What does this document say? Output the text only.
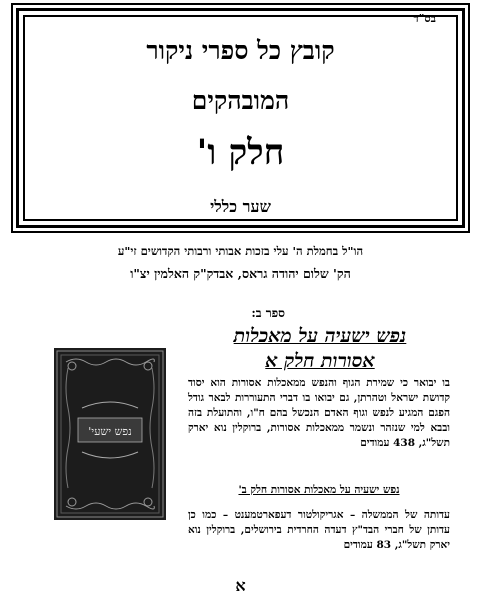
בס"ד
קובץ כל ספרי ניקור
המובהקים
חלק ו'
שער כללי
הו"ל בחמלת ה' עלי בזכות אבותי ורבותי הקדושים זי"ע
הק' שלום יהודה גראס, אבדק"ק האלמין יצ"ו
ספר ב:
נפש ישעיה על מאכלות
אסורות חלק א
נפש ישעי'
בו יבואר כי שמירת הגוף והנפש ממאכלות אסורות הוא יסוד קדושת ישראל וטהרתן, גם יבואו בו דברי התעוררות לבאר גודל הפגם המגיע לנפש וגוף האדם הנכשל בהם ח"ו, והתועלת בזה ובבא למי שנזהר ונשמר ממאכלות אסורות, ברוקלין נוא יארק תשל"ג, 438 עמודים
נפש ישעיה על מאכלות אסורות חלק ב'
עדותה של הממשלה – אגריקולטור דעפארטמענט – כמו כן עדותן של חברי הבד"ץ דעדה החרדית בירושלים, ברוקלין נוא יארק תשל"ג, 83 עמודים
א
